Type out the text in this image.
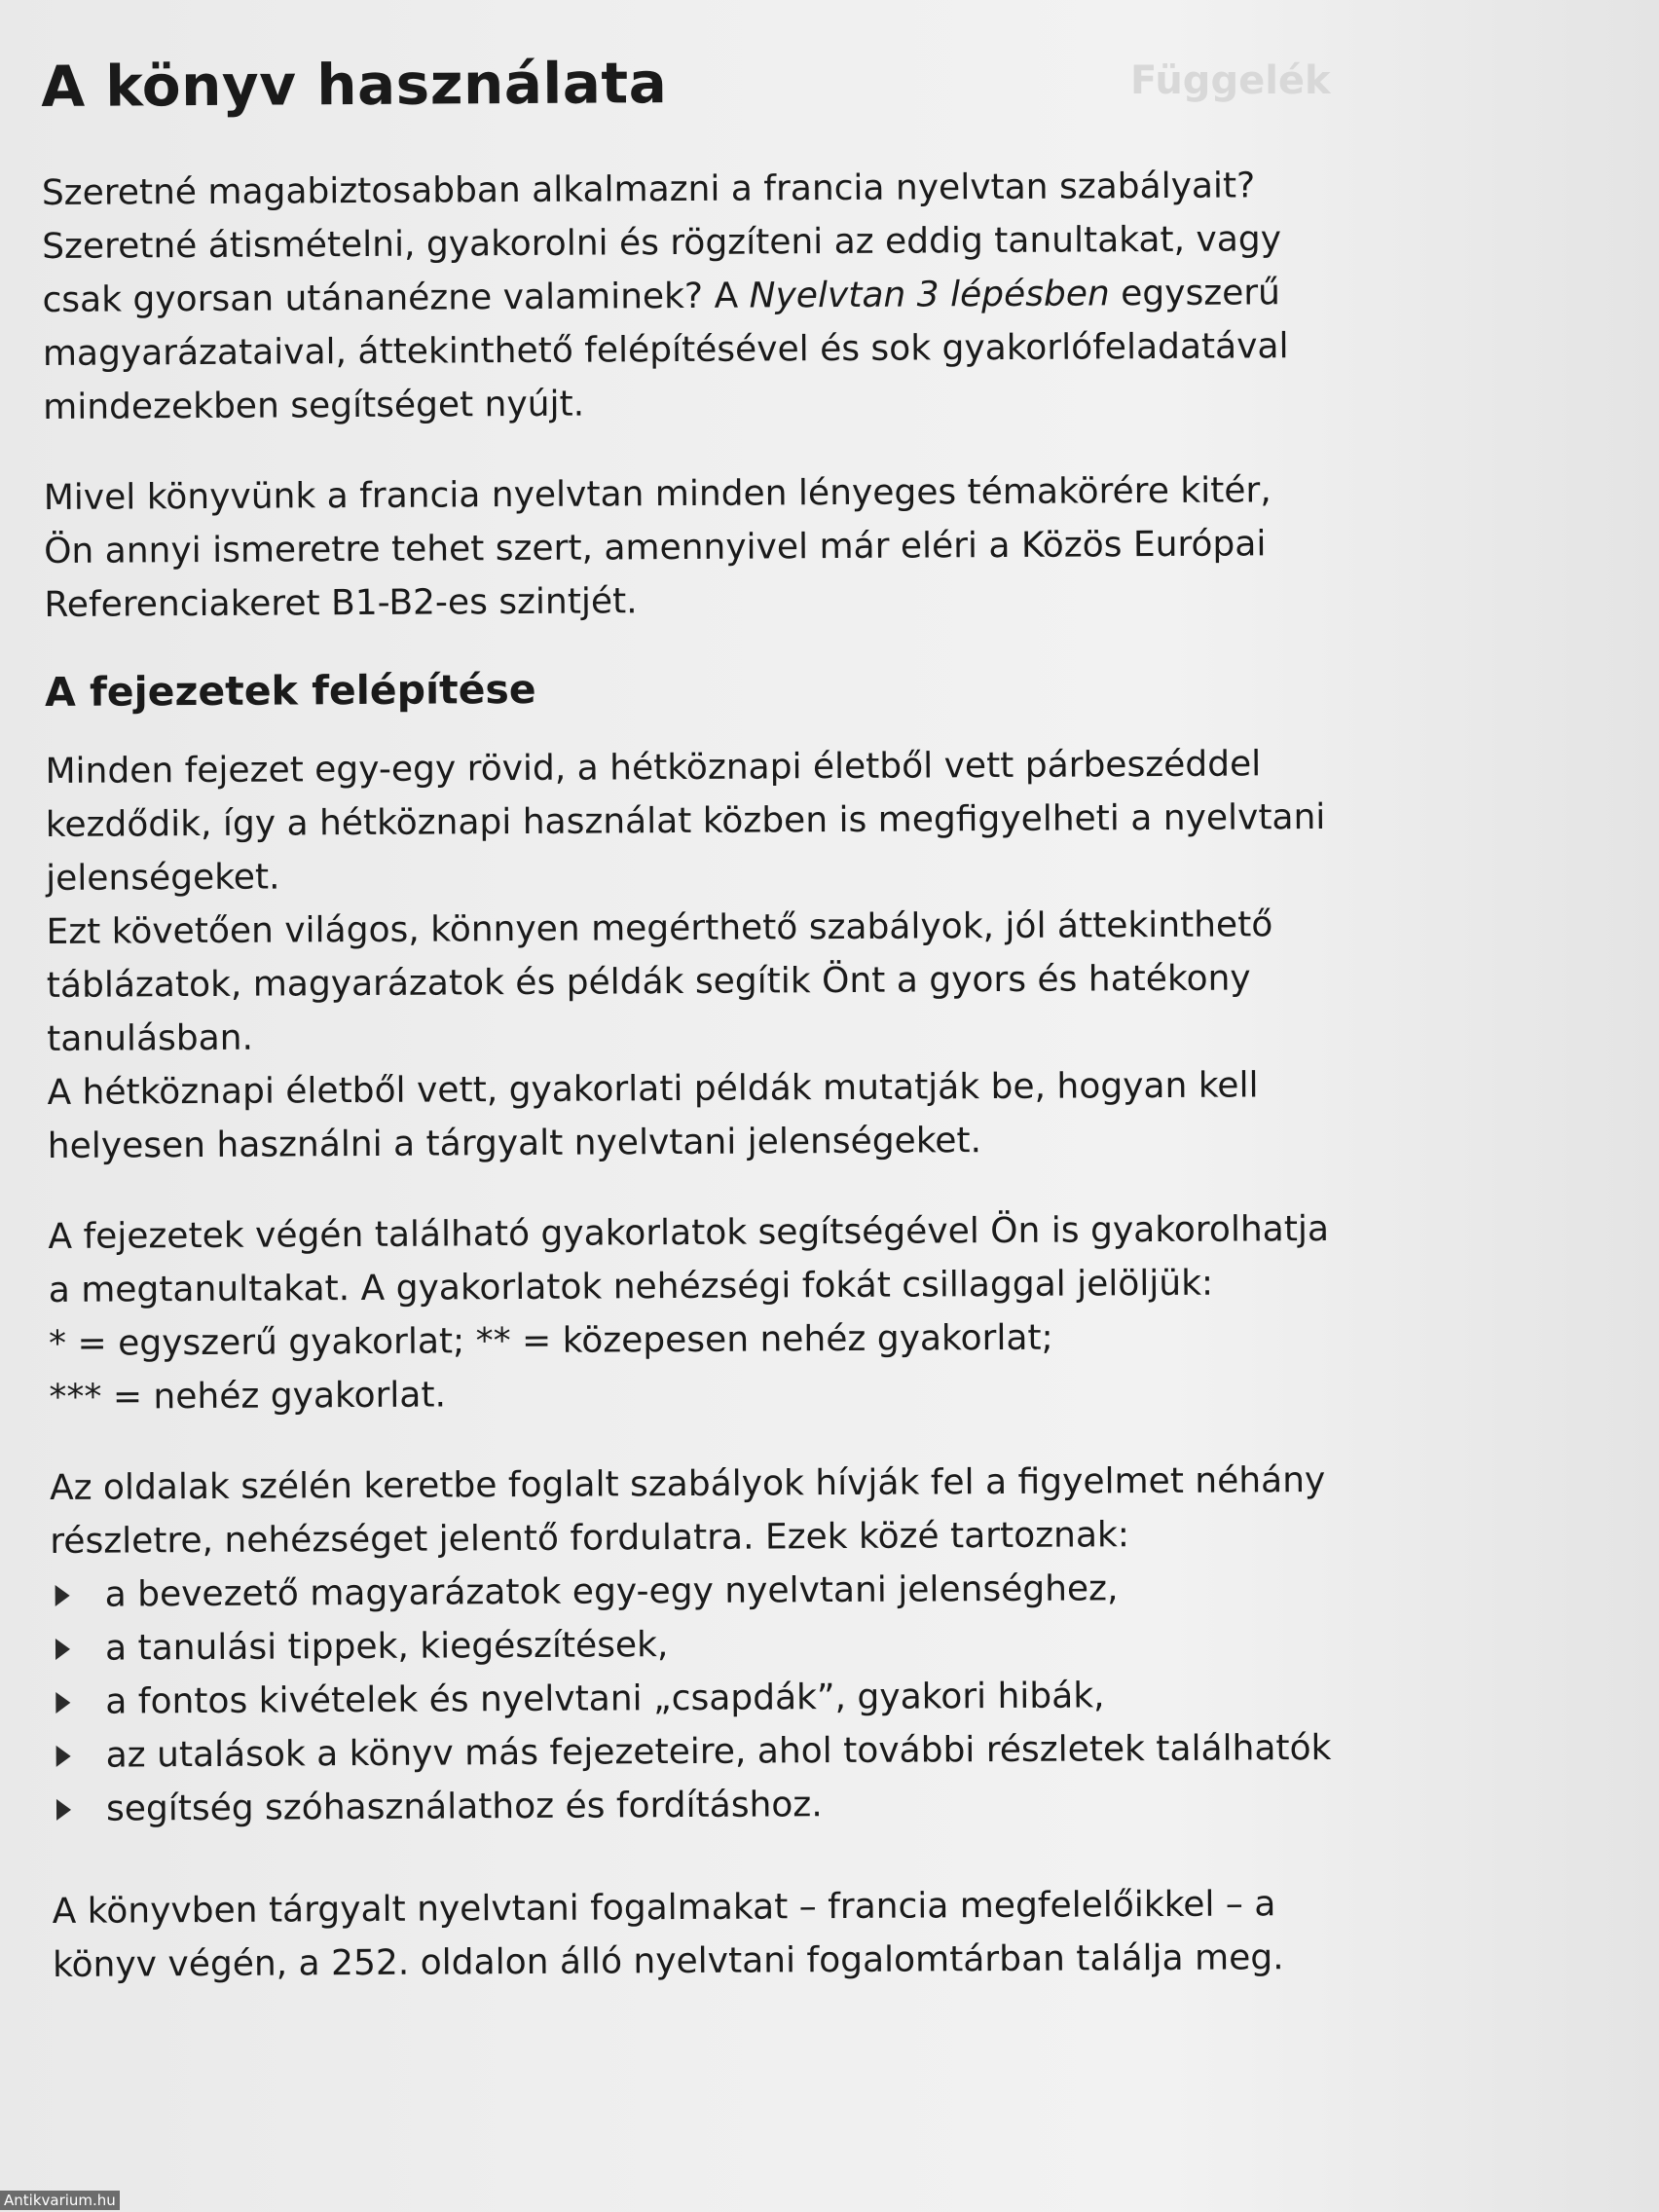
Függelék
A könyv használata

Szeretné magabiztosabban alkalmazni a francia nyelvtan szabályait? Szeretné átismételni, gyakorolni és rögzíteni az eddig tanultakat, vagy csak gyorsan utánanézne valaminek? A Nyelvtan 3 lépésben egyszerű magyarázataival, áttekinthető felépítésével és sok gyakorlófeladatával mindezekben segítséget nyújt.

Mivel könyvünk a francia nyelvtan minden lényeges témakörére kitér, Ön annyi ismeretre tehet szert, amennyivel már eléri a Közös Európai Referenciakeret B1-B2-es szintjét.

A fejezetek felépítése

Minden fejezet egy-egy rövid, a hétköznapi életből vett párbeszéddel kezdődik, így a hétköznapi használat közben is megfigyelheti a nyelvtani jelenségeket.

Ezt követően világos, könnyen megérthető szabályok, jól áttekinthető táblázatok, magyarázatok és példák segítik Önt a gyors és hatékony tanulásban.

A hétköznapi életből vett, gyakorlati példák mutatják be, hogyan kell helyesen használni a tárgyalt nyelvtani jelenségeket.

A fejezetek végén található gyakorlatok segítségével Ön is gyakorolhatja a megtanultakat. A gyakorlatok nehézségi fokát csillaggal jelöljük:

* = egyszerű gyakorlat; ** = közepesen nehéz gyakorlat;

*** = nehéz gyakorlat.

Az oldalak szélén keretbe foglalt szabályok hívják fel a figyelmet néhány részletre, nehézséget jelentő fordulatra. Ezek közé tartoznak:

a bevezető magyarázatok egy-egy nyelvtani jelenséghez,
a tanulási tippek, kiegészítések,
a fontos kivételek és nyelvtani „csapdák”, gyakori hibák,
az utalások a könyv más fejezeteire, ahol további részletek találhatók
segítség szóhasználathoz és fordításhoz.

A könyvben tárgyalt nyelvtani fogalmakat – francia megfelelőikkel – a könyv végén, a 252. oldalon álló nyelvtani fogalomtárban találja meg.

Antikvarium.hu
